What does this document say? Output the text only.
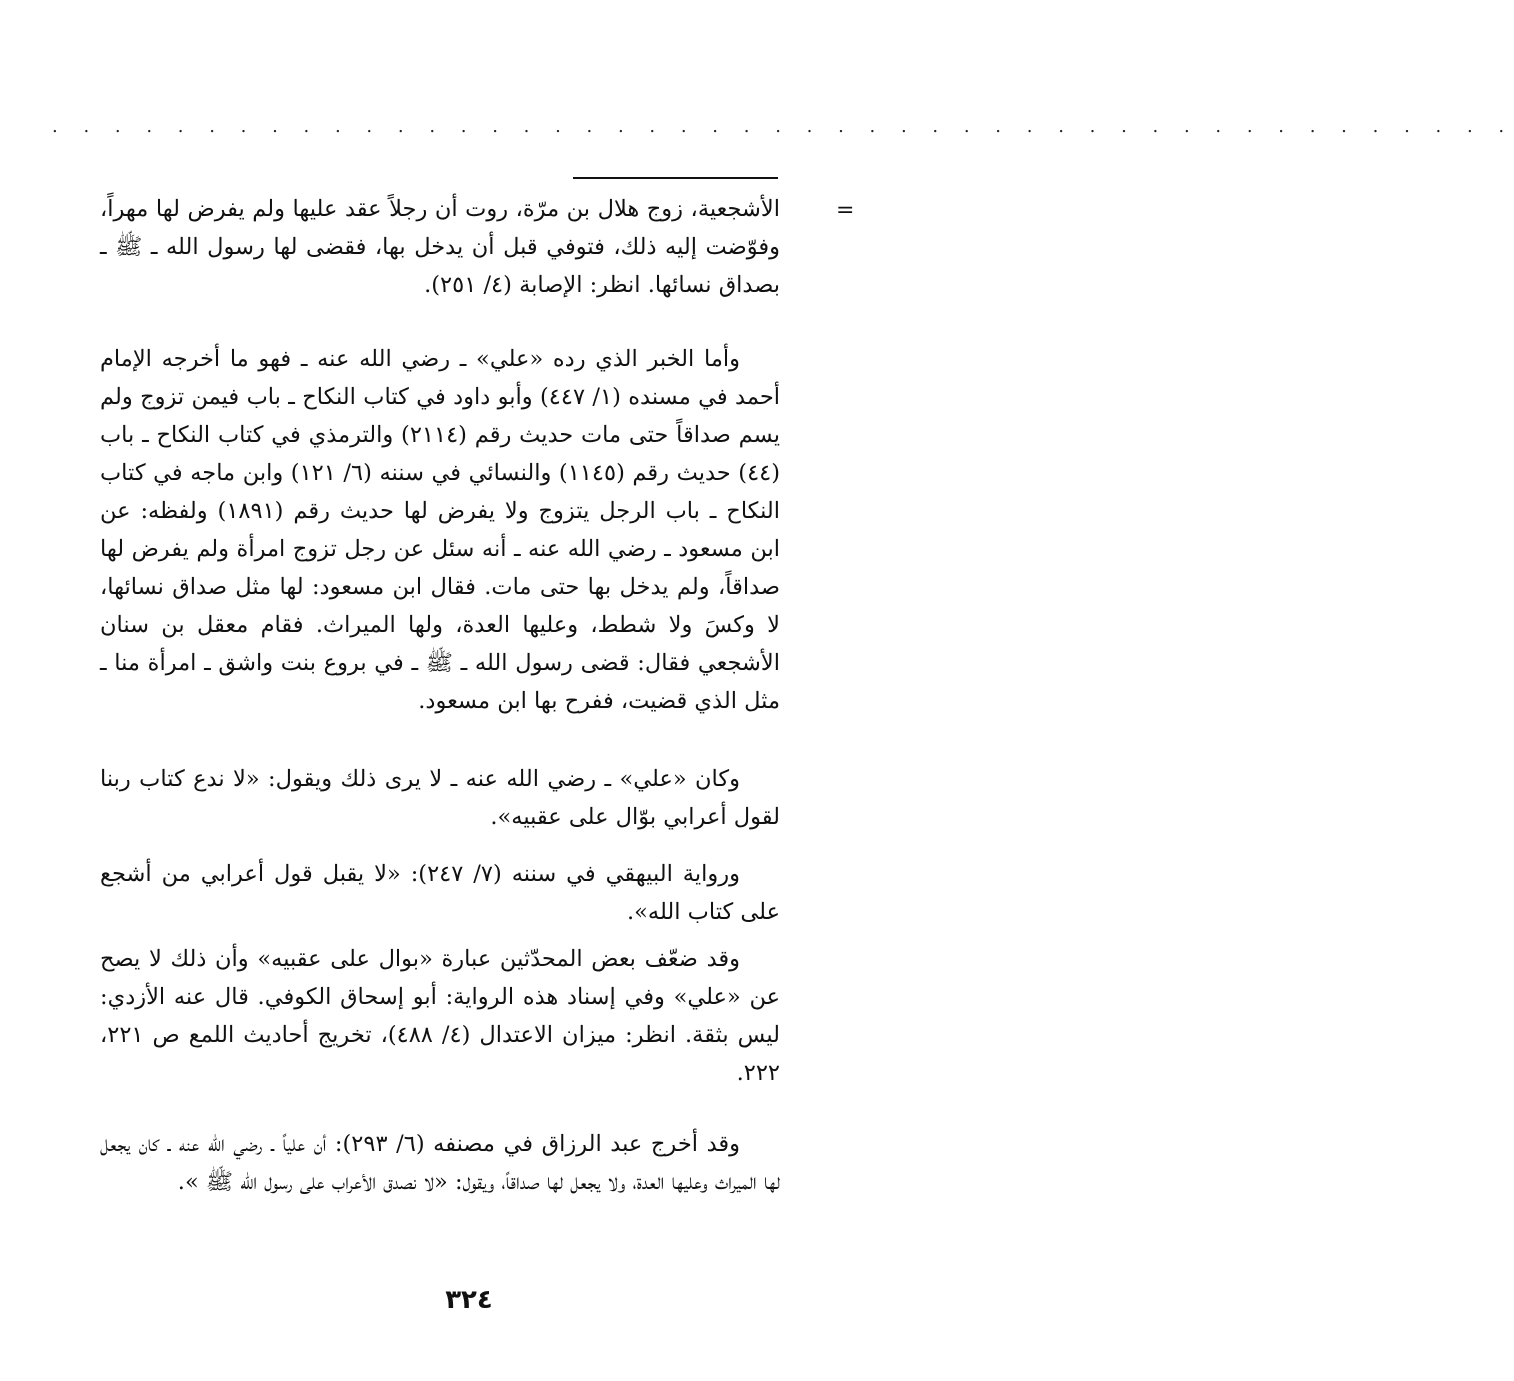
. . . . . . . . . . . . . . . . . . . . . . . . . . . . . . . . . . . . . . . . . . . . . . .
=

الأشجعية، زوج هلال بن مرّة، روت أن رجلاً عقد عليها ولم يفرض لها مهراً، وفوّضت إليه ذلك، فتوفي قبل أن يدخل بها، فقضى لها رسول الله ـ ﷺ ـ بصداق نسائها. انظر: الإصابة (٤/ ٢٥١).

وأما الخبر الذي رده «علي» ـ رضي الله عنه ـ فهو ما أخرجه الإمام أحمد في مسنده (١/ ٤٤٧) وأبو داود في كتاب النكاح ـ باب فيمن تزوج ولم يسم صداقاً حتى مات حديث رقم (٢١١٤) والترمذي في كتاب النكاح ـ باب (٤٤) حديث رقم (١١٤٥) والنسائي في سننه (٦/ ١٢١) وابن ماجه في كتاب النكاح ـ باب الرجل يتزوج ولا يفرض لها حديث رقم (١٨٩١) ولفظه: عن ابن مسعود ـ رضي الله عنه ـ أنه سئل عن رجل تزوج امرأة ولم يفرض لها صداقاً، ولم يدخل بها حتى مات. فقال ابن مسعود: لها مثل صداق نسائها، لا وكسَ ولا شطط، وعليها العدة، ولها الميراث. فقام معقل بن سنان الأشجعي فقال: قضى رسول الله ـ ﷺ ـ في بروع بنت واشق ـ امرأة منا ـ مثل الذي قضيت، ففرح بها ابن مسعود.

وكان «علي» ـ رضي الله عنه ـ لا يرى ذلك ويقول: «لا ندع كتاب ربنا لقول أعرابي بوّال على عقبيه».

ورواية البيهقي في سننه (٧/ ٢٤٧): «لا يقبل قول أعرابي من أشجع على كتاب الله».

وقد ضعّف بعض المحدّثين عبارة «بوال على عقبيه» وأن ذلك لا يصح عن «علي» وفي إسناد هذه الرواية: أبو إسحاق الكوفي. قال عنه الأزدي: ليس بثقة. انظر: ميزان الاعتدال (٤/ ٤٨٨)، تخريج أحاديث اللمع ص ٢٢١، ٢٢٢.

وقد أخرج عبد الرزاق في مصنفه (٦/ ٢٩٣): أن علياً ـ رضي الله عنه ـ كان يجعل لها الميراث وعليها العدة، ولا يجعل لها صداقاً، ويقول: «لا نصدق الأعراب على رسول الله ﷺ ».

٣٢٤
